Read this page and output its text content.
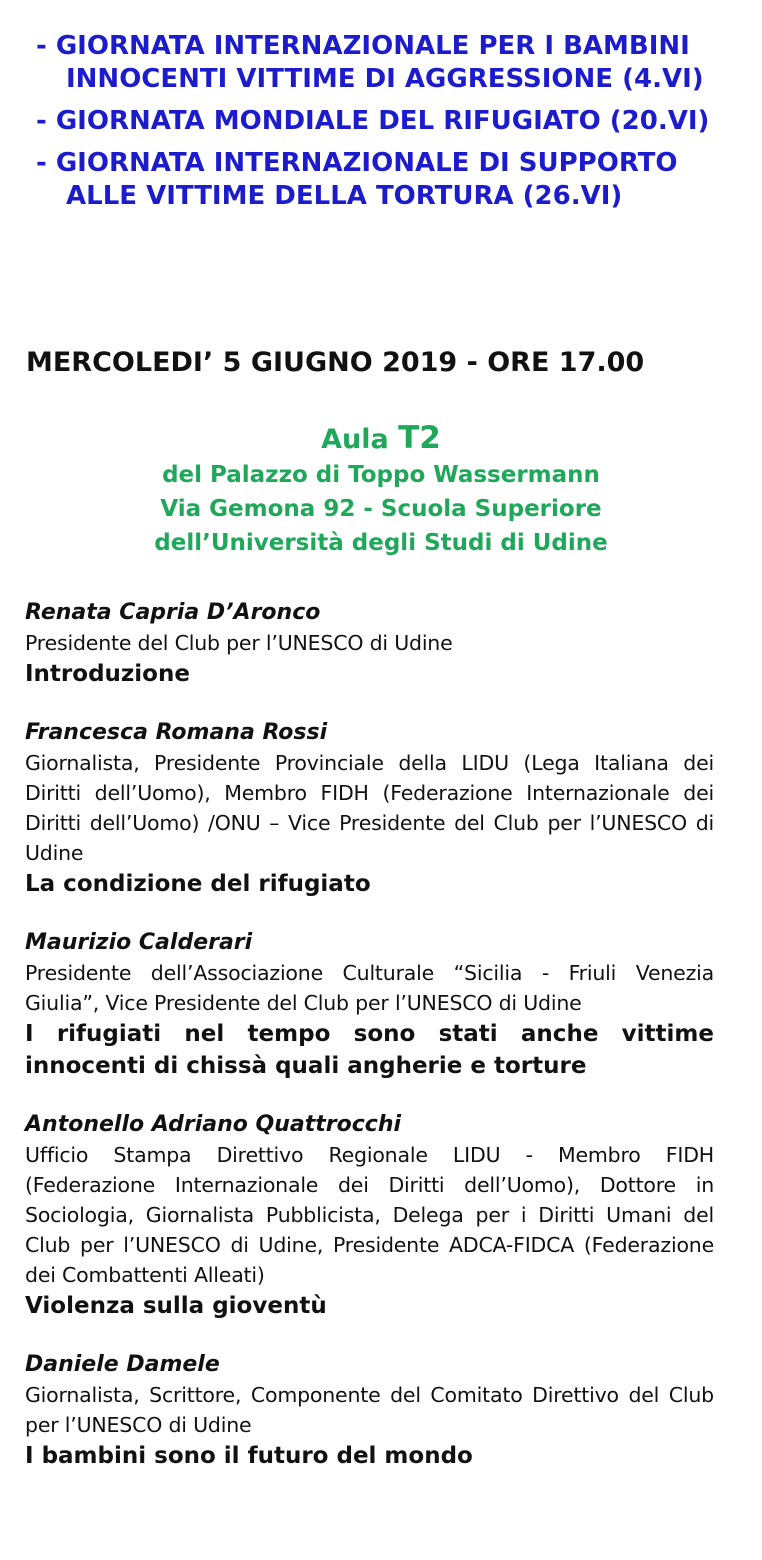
- GIORNATA INTERNAZIONALE PER I BAMBINI INNOCENTI VITTIME DI AGGRESSIONE (4.VI)
- GIORNATA MONDIALE DEL RIFUGIATO (20.VI)
- GIORNATA INTERNAZIONALE DI SUPPORTO ALLE VITTIME DELLA TORTURA (26.VI)
MERCOLEDI’ 5 GIUGNO 2019 - ORE 17.00
Aula T2
del Palazzo di Toppo Wassermann
Via Gemona 92 - Scuola Superiore
dell’Università degli Studi di Udine
Renata Capria D’Aronco
Presidente del Club per l’UNESCO di Udine
Introduzione
Francesca Romana Rossi
Giornalista, Presidente Provinciale della LIDU (Lega Italiana dei Diritti dell’Uomo), Membro FIDH (Federazione Internazionale dei Diritti dell’Uomo) /ONU – Vice Presidente del Club per l’UNESCO di Udine
La condizione del rifugiato
Maurizio Calderari
Presidente dell’Associazione Culturale “Sicilia - Friuli Venezia Giulia”, Vice Presidente del Club per l’UNESCO di Udine
I rifugiati nel tempo sono stati anche vittime innocenti di chissà quali angherie e torture
Antonello Adriano Quattrocchi
Ufficio Stampa Direttivo Regionale LIDU - Membro FIDH (Federazione Internazionale dei Diritti dell’Uomo), Dottore in Sociologia, Giornalista Pubblicista, Delega per i Diritti Umani del Club per l’UNESCO di Udine, Presidente ADCA-FIDCA (Federazione dei Combattenti Alleati)
Violenza sulla gioventù
Daniele Damele
Giornalista, Scrittore, Componente del Comitato Direttivo del Club per l’UNESCO di Udine
I bambini sono il futuro del mondo
